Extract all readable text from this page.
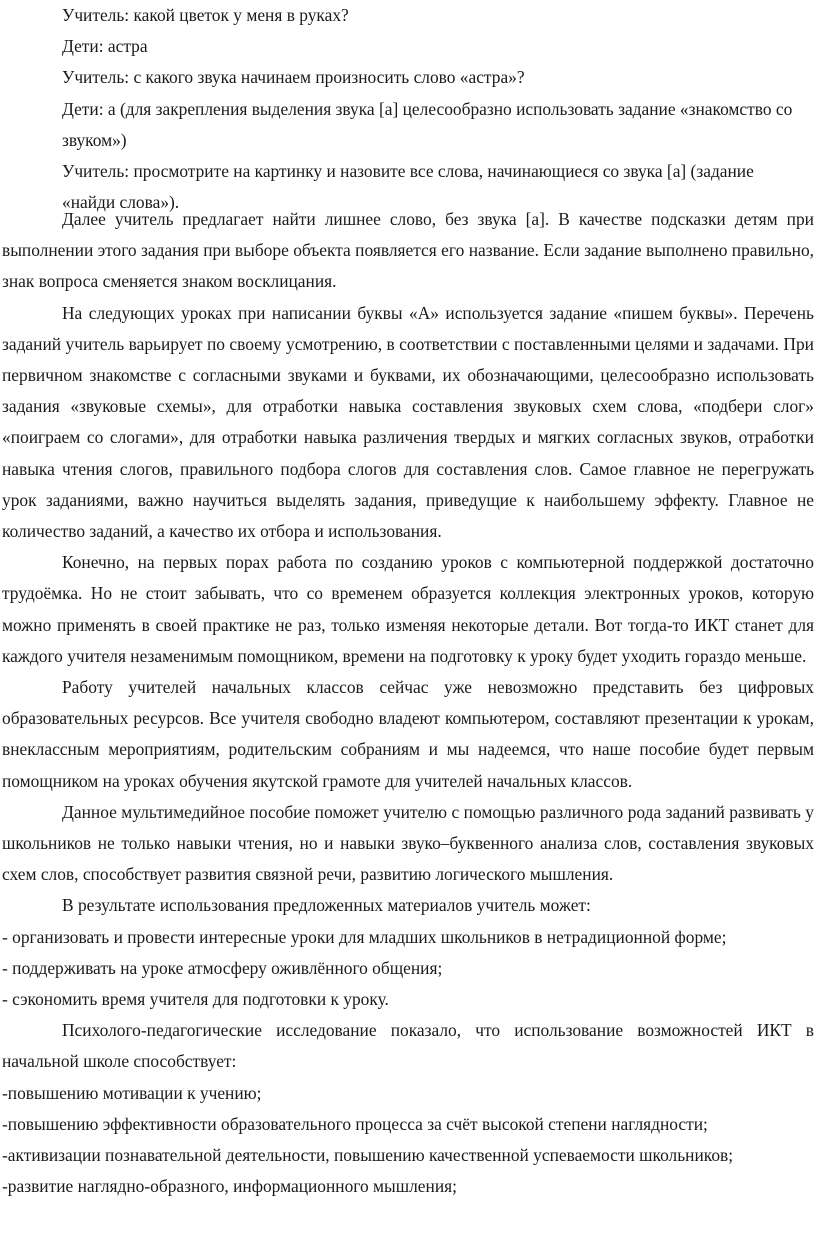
Учитель: какой цветок у меня в руках?

Дети: астра

Учитель: с какого звука начинаем произносить слово «астра»?

Дети: а (для закрепления выделения звука [а] целесообразно использовать задание «знакомство со

звуком»)

Учитель: просмотрите на картинку и назовите все слова, начинающиеся со звука [а] (задание

«найди слова»).

Далее учитель предлагает найти лишнее слово, без звука [а]. В качестве подсказки детям при выполнении этого задания при выборе объекта появляется его название. Если задание выполнено правильно, знак вопроса сменяется знаком восклицания.

На следующих уроках при написании буквы «А» используется задание «пишем буквы». Перечень заданий учитель варьирует по своему усмотрению, в соответствии с поставленными целями и задачами. При первичном знакомстве с согласными звуками и буквами, их обозначающими, целесообразно использовать задания «звуковые схемы», для отработки навыка составления звуковых схем слова, «подбери слог» «поиграем со слогами», для отработки навыка различения твердых и мягких согласных звуков, отработки навыка чтения слогов, правильного подбора слогов для составления слов. Самое главное не перегружать урок заданиями, важно научиться выделять задания, приведущие к наибольшему эффекту. Главное не количество заданий, а качество их отбора и использования.

Конечно, на первых порах работа по созданию уроков с компьютерной поддержкой достаточно трудоёмка. Но не стоит забывать, что со временем образуется коллекция электронных уроков, которую можно применять в своей практике не раз, только изменяя некоторые детали. Вот тогда-то ИКТ станет для каждого учителя незаменимым помощником, времени на подготовку к уроку будет уходить гораздо меньше.

Работу учителей начальных классов сейчас уже невозможно представить без цифровых образовательных ресурсов. Все учителя свободно владеют компьютером, составляют презентации к урокам, внеклассным мероприятиям, родительским собраниям и мы надеемся, что наше пособие будет первым помощником на уроках обучения якутской грамоте для учителей начальных классов.

Данное мультимедийное пособие поможет учителю с помощью различного рода заданий развивать у школьников не только навыки чтения, но и навыки звуко–буквенного анализа слов, составления звуковых схем слов, способствует развития связной речи, развитию логического мышления.

В результате использования предложенных материалов учитель может:

- организовать и провести интересные уроки для младших школьников в нетрадиционной форме;

- поддерживать на уроке атмосферу оживлённого общения;

- сэкономить время учителя для подготовки к уроку.

Психолого-педагогические исследование показало, что использование возможностей ИКТ в начальной школе способствует:

-повышению мотивации к учению;

-повышению эффективности образовательного процесса за счёт высокой степени наглядности;

-активизации познавательной деятельности, повышению качественной успеваемости школьников;

-развитие наглядно-образного, информационного мышления;
